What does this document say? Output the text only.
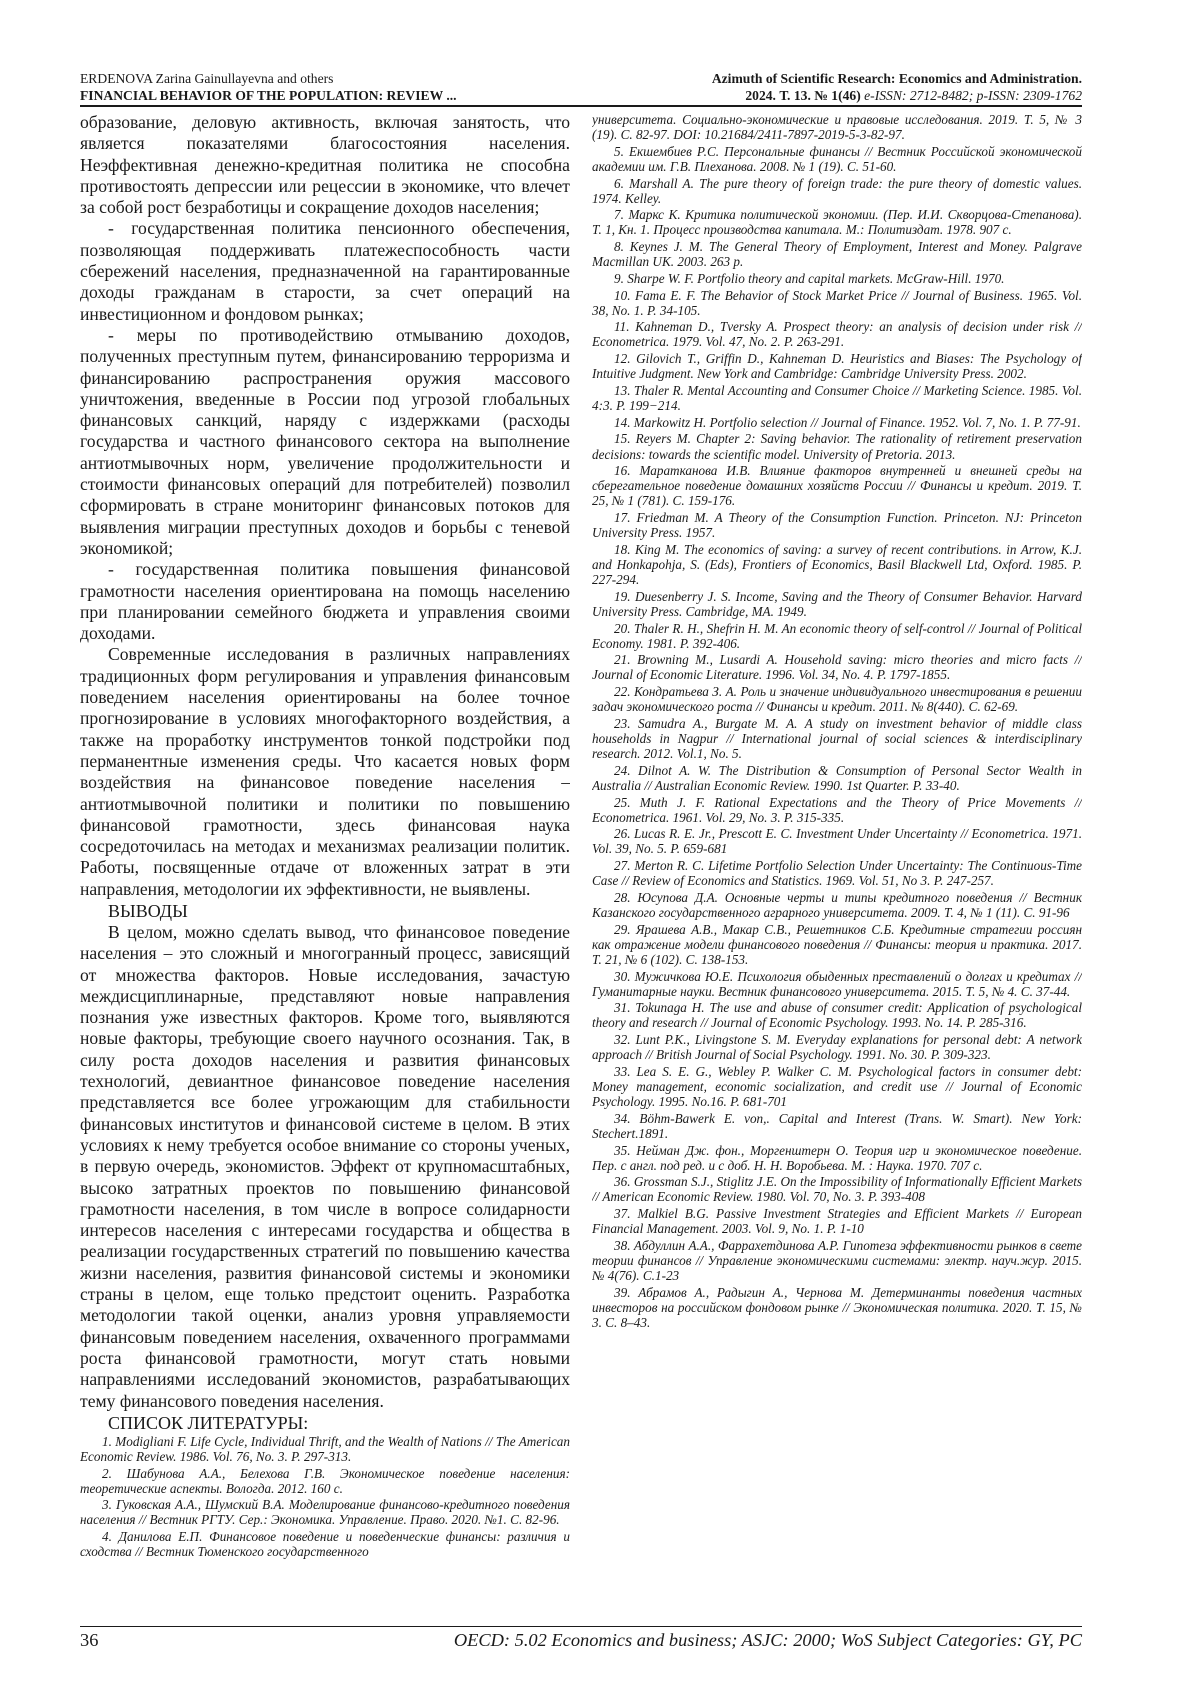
ERDENOVA Zarina Gainullayevna and others
FINANCIAL BEHAVIOR OF THE POPULATION: REVIEW ...
Azimuth of Scientific Research: Economics and Administration.
2024. Т. 13. № 1(46) e-ISSN: 2712-8482; p-ISSN: 2309-1762

образование, деловую активность, включая занятость, что является показателями благосостояния населения. Неэффективная денежно-кредитная политика не способна противостоять депрессии или рецессии в экономике, что влечет за собой рост безработицы и сокращение доходов населения;

- государственная политика пенсионного обеспечения, позволяющая поддерживать платежеспособность части сбережений населения, предназначенной на гарантированные доходы гражданам в старости, за счет операций на инвестиционном и фондовом рынках;

- меры по противодействию отмыванию доходов, полученных преступным путем, финансированию терроризма и финансированию распространения оружия массового уничтожения, введенные в России под угрозой глобальных финансовых санкций, наряду с издержками (расходы государства и частного финансового сектора на выполнение антиотмывочных норм, увеличение продолжительности и стоимости финансовых операций для потребителей) позволил сформировать в стране мониторинг финансовых потоков для выявления миграции преступных доходов и борьбы с теневой экономикой;

- государственная политика повышения финансовой грамотности населения ориентирована на помощь населению при планировании семейного бюджета и управления своими доходами.

Современные исследования в различных направлениях традиционных форм регулирования и управления финансовым поведением населения ориентированы на более точное прогнозирование в условиях многофакторного воздействия, а также на проработку инструментов тонкой подстройки под перманентные изменения среды. Что касается новых форм воздействия на финансовое поведение населения – антиотмывочной политики и политики по повышению финансовой грамотности, здесь финансовая наука сосредоточилась на методах и механизмах реализации политик. Работы, посвященные отдаче от вложенных затрат в эти направления, методологии их эффективности, не выявлены.

ВЫВОДЫ

В целом, можно сделать вывод, что финансовое поведение населения – это сложный и многогранный процесс, зависящий от множества факторов. Новые исследования, зачастую междисциплинарные, представляют новые направления познания уже известных факторов. Кроме того, выявляются новые факторы, требующие своего научного осознания. Так, в силу роста доходов населения и развития финансовых технологий, девиантное финансовое поведение населения представляется все более угрожающим для стабильности финансовых институтов и финансовой системе в целом. В этих условиях к нему требуется особое внимание со стороны ученых, в первую очередь, экономистов. Эффект от крупномасштабных, высоко затратных проектов по повышению финансовой грамотности населения, в том числе в вопросе солидарности интересов населения с интересами государства и общества в реализации государственных стратегий по повышению качества жизни населения, развития финансовой системы и экономики страны в целом, еще только предстоит оценить. Разработка методологии такой оценки, анализ уровня управляемости финансовым поведением населения, охваченного программами роста финансовой грамотности, могут стать новыми направлениями исследований экономистов, разрабатывающих тему финансового поведения населения.

СПИСОК ЛИТЕРАТУРЫ:
1. Modigliani F. Life Cycle, Individual Thrift, and the Wealth of Nations // The American Economic Review. 1986. Vol. 76, No. 3. P. 297-313.
2. Шабунова А.А., Белехова Г.В. Экономическое поведение населения: теоретические аспекты. Вологда. 2012. 160 с.
3. Гуковская А.А., Шумский В.А. Моделирование финансово-кредитного поведения населения // Вестник РГТУ. Сер.: Экономика. Управление. Право. 2020. №1. С. 82-96.
4. Данилова Е.П. Финансовое поведение и поведенческие финансы: различия и сходства // Вестник Тюменского государственного
университета. Социально-экономические и правовые исследования. 2019. Т. 5, № 3 (19). С. 82-97. DOI: 10.21684/2411-7897-2019-5-3-82-97.
5. Екшембиев Р.С. Персональные финансы // Вестник Российской экономической академии им. Г.В. Плеханова. 2008. № 1 (19). С. 51-60.
6. Marshall A. The pure theory of foreign trade: the pure theory of domestic values. 1974. Kelley.
7. Маркс К. Критика политической экономии. (Пер. И.И. Скворцова-Степанова). Т. 1, Кн. 1. Процесс производства капитала. М.: Политиздат. 1978. 907 с.
8. Keynes J. M. The General Theory of Employment, Interest and Money. Palgrave Macmillan UK. 2003. 263 p.
9. Sharpe W. F. Portfolio theory and capital markets. McGraw-Hill. 1970.
10. Fama E. F. The Behavior of Stock Market Price // Journal of Business. 1965. Vol. 38, No. 1. P. 34-105.
11. Kahneman D., Tversky A. Prospect theory: an analysis of decision under risk // Econometrica. 1979. Vol. 47, No. 2. P. 263-291.
12. Gilovich T., Griffin D., Kahneman D. Heuristics and Biases: The Psychology of Intuitive Judgment. New York and Cambridge: Cambridge University Press. 2002.
13. Thaler R. Mental Accounting and Consumer Choice // Marketing Science. 1985. Vol. 4:3. P. 199−214.
14. Markowitz H. Portfolio selection // Journal of Finance. 1952. Vol. 7, No. 1. P. 77-91.
15. Reyers M. Chapter 2: Saving behavior. The rationality of retirement preservation decisions: towards the scientific model. University of Pretoria. 2013.
16. Маратканова И.В. Влияние факторов внутренней и внешней среды на сберегательное поведение домашних хозяйств России // Финансы и кредит. 2019. Т. 25, № 1 (781). С. 159-176.
17. Friedman M. A Theory of the Consumption Function. Princeton. NJ: Princeton University Press. 1957.
18. King M. The economics of saving: a survey of recent contributions. in Arrow, K.J. and Honkapohja, S. (Eds), Frontiers of Economics, Basil Blackwell Ltd, Oxford. 1985. P. 227-294.
19. Duesenberry J. S. Income, Saving and the Theory of Consumer Behavior. Harvard University Press. Cambridge, MA. 1949.
20. Thaler R. H., Shefrin H. M. An economic theory of self-control // Journal of Political Economy. 1981. P. 392-406.
21. Browning M., Lusardi A. Household saving: micro theories and micro facts // Journal of Economic Literature. 1996. Vol. 34, No. 4. P. 1797-1855.
22. Кондратьева З. А. Роль и значение индивидуального инвестирования в решении задач экономического роста // Финансы и кредит. 2011. № 8(440). С. 62-69.
23. Samudra A., Burgate M. A. A study on investment behavior of middle class households in Nagpur // International journal of social sciences & interdisciplinary research. 2012. Vol.1, No. 5.
24. Dilnot A. W. The Distribution & Consumption of Personal Sector Wealth in Australia // Australian Economic Review. 1990. 1st Quarter. P. 33-40.
25. Muth J. F. Rational Expectations and the Theory of Price Movements // Econometrica. 1961. Vol. 29, No. 3. P. 315-335.
26. Lucas R. E. Jr., Prescott E. C. Investment Under Uncertainty // Econometrica. 1971. Vol. 39, No. 5. P. 659-681
27. Merton R. C. Lifetime Portfolio Selection Under Uncertainty: The Continuous-Time Case // Review of Economics and Statistics. 1969. Vol. 51, No 3. P. 247-257.
28. Юсупова Д.А. Основные черты и типы кредитного поведения // Вестник Казанского государственного аграрного университета. 2009. Т. 4, № 1 (11). С. 91-96
29. Ярашева А.В., Макар С.В., Решетников С.Б. Кредитные стратегии россиян как отражение модели финансового поведения // Финансы: теория и практика. 2017. Т. 21, № 6 (102). С. 138-153.
30. Мужичкова Ю.Е. Психология обыденных преставлений о долгах и кредитах // Гуманитарные науки. Вестник финансового университета. 2015. Т. 5, № 4. С. 37-44.
31. Tokunaga H. The use and abuse of consumer credit: Application of psychological theory and research // Journal of Economic Psychology. 1993. No. 14. P. 285-316.
32. Lunt P.K., Livingstone S. M. Everyday explanations for personal debt: A network approach // British Journal of Social Psychology. 1991. No. 30. P. 309-323.
33. Lea S. E. G., Webley P. Walker C. M. Psychological factors in consumer debt: Money management, economic socialization, and credit use // Journal of Economic Psychology. 1995. No.16. P. 681-701
34. Böhm-Bawerk E. von,. Capital and Interest (Trans. W. Smart). New York: Stechert.1891.
35. Нейман Дж. фон., Моргенштерн О. Теория игр и экономическое поведение. Пер. с англ. под ред. и с доб. Н. Н. Воробьева. М. : Наука. 1970. 707 с.
36. Grossman S.J., Stiglitz J.E. On the Impossibility of Informationally Efficient Markets // American Economic Review. 1980. Vol. 70, No. 3. P. 393-408
37. Malkiel B.G. Passive Investment Strategies and Efficient Markets // European Financial Management. 2003. Vol. 9, No. 1. P. 1-10
38. Абдуллин А.А., Фаррахетдинова А.Р. Гипотеза эффективности рынков в свете теории финансов // Управление экономическими системами: электр. науч.жур. 2015. № 4(76). С.1-23
39. Абрамов А., Радыгин А., Чернова М. Детерминанты поведения частных инвесторов на российском фондовом рынке // Экономическая политика. 2020. Т. 15, № 3. С. 8–43.
36	OECD: 5.02 Economics and business; ASJC: 2000; WoS Subject Categories: GY, PC
